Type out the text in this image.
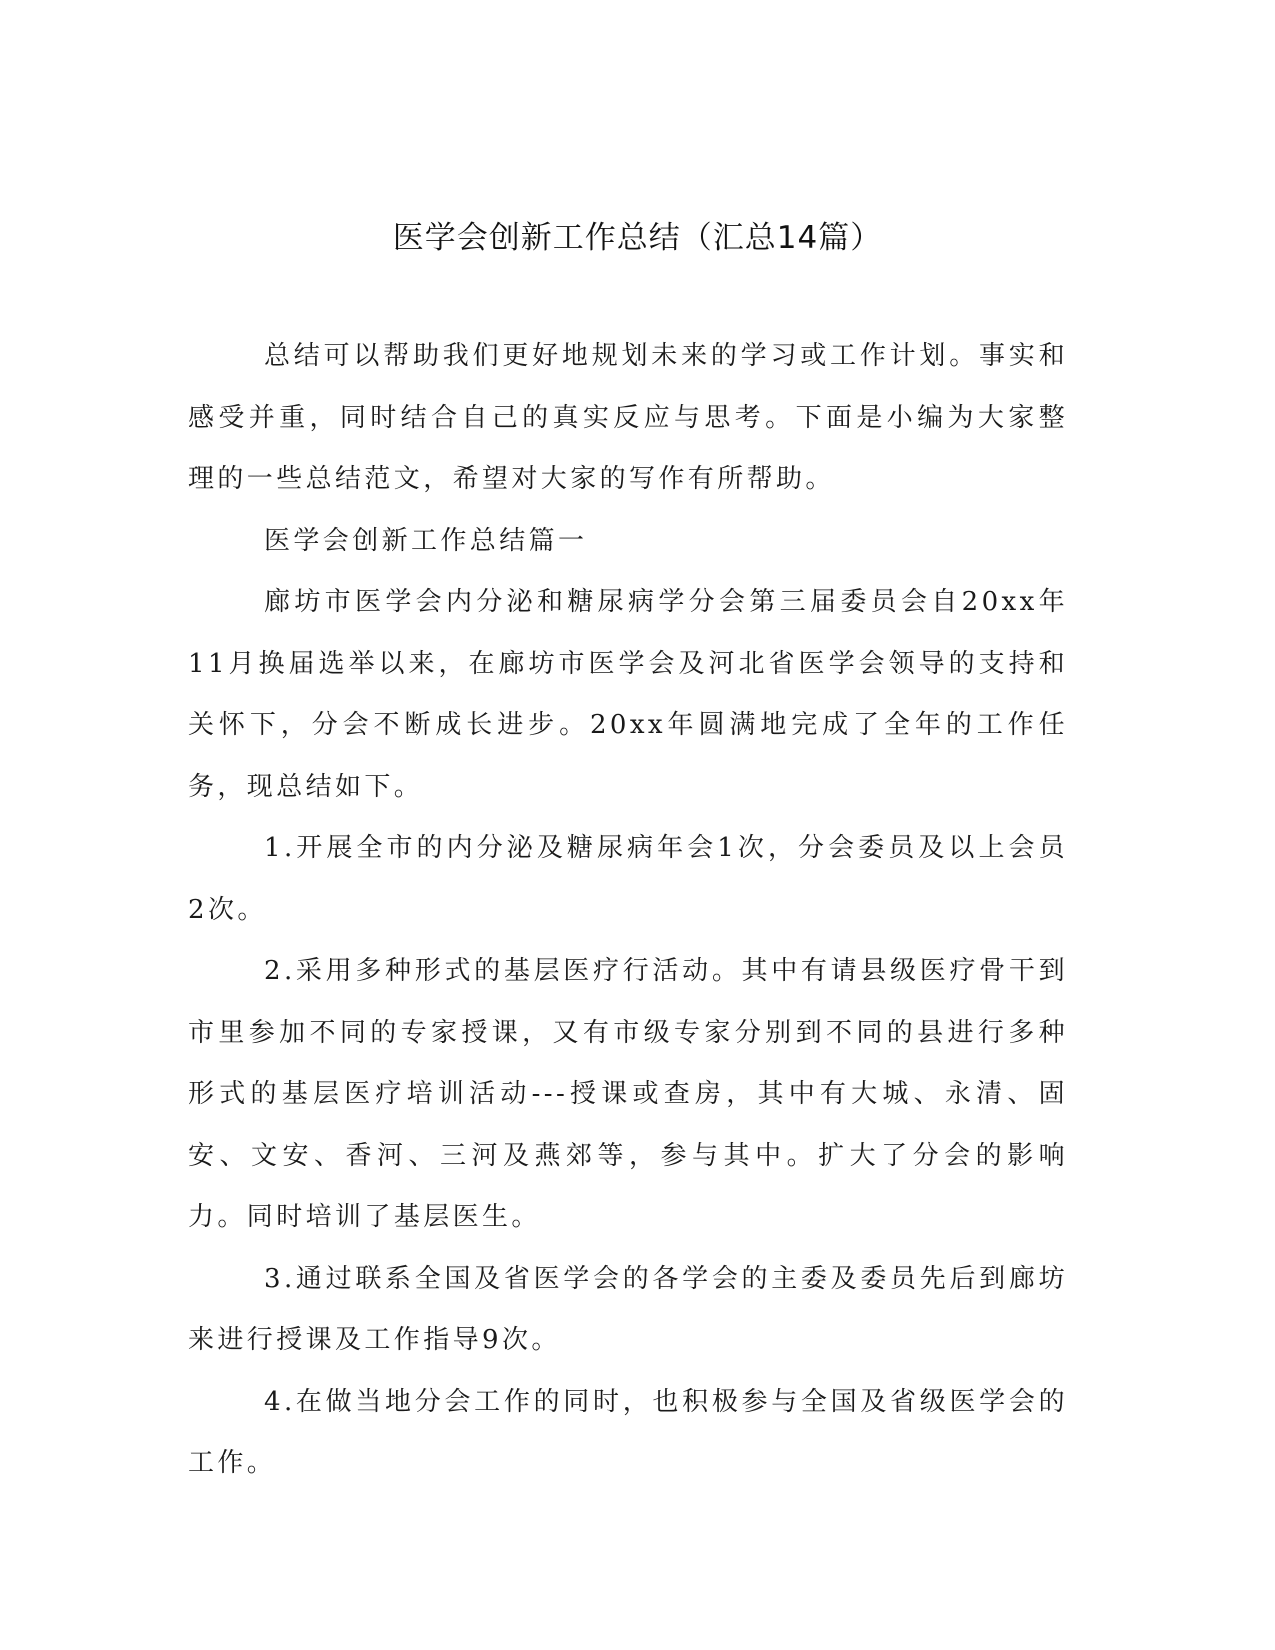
医学会创新工作总结（汇总14篇）

总结可以帮助我们更好地规划未来的学习或工作计划。事实和感受并重，同时结合自己的真实反应与思考。下面是小编为大家整理的一些总结范文，希望对大家的写作有所帮助。

医学会创新工作总结篇一

廊坊市医学会内分泌和糖尿病学分会第三届委员会自20xx年11月换届选举以来，在廊坊市医学会及河北省医学会领导的支持和关怀下，分会不断成长进步。20xx年圆满地完成了全年的工作任务，现总结如下。

1.开展全市的内分泌及糖尿病年会1次，分会委员及以上会员2次。

2.采用多种形式的基层医疗行活动。其中有请县级医疗骨干到市里参加不同的专家授课，又有市级专家分别到不同的县进行多种形式的基层医疗培训活动---授课或查房，其中有大城、永清、固安、文安、香河、三河及燕郊等，参与其中。扩大了分会的影响力。同时培训了基层医生。

3.通过联系全国及省医学会的各学会的主委及委员先后到廊坊来进行授课及工作指导9次。

4.在做当地分会工作的同时，也积极参与全国及省级医学会的工作。
